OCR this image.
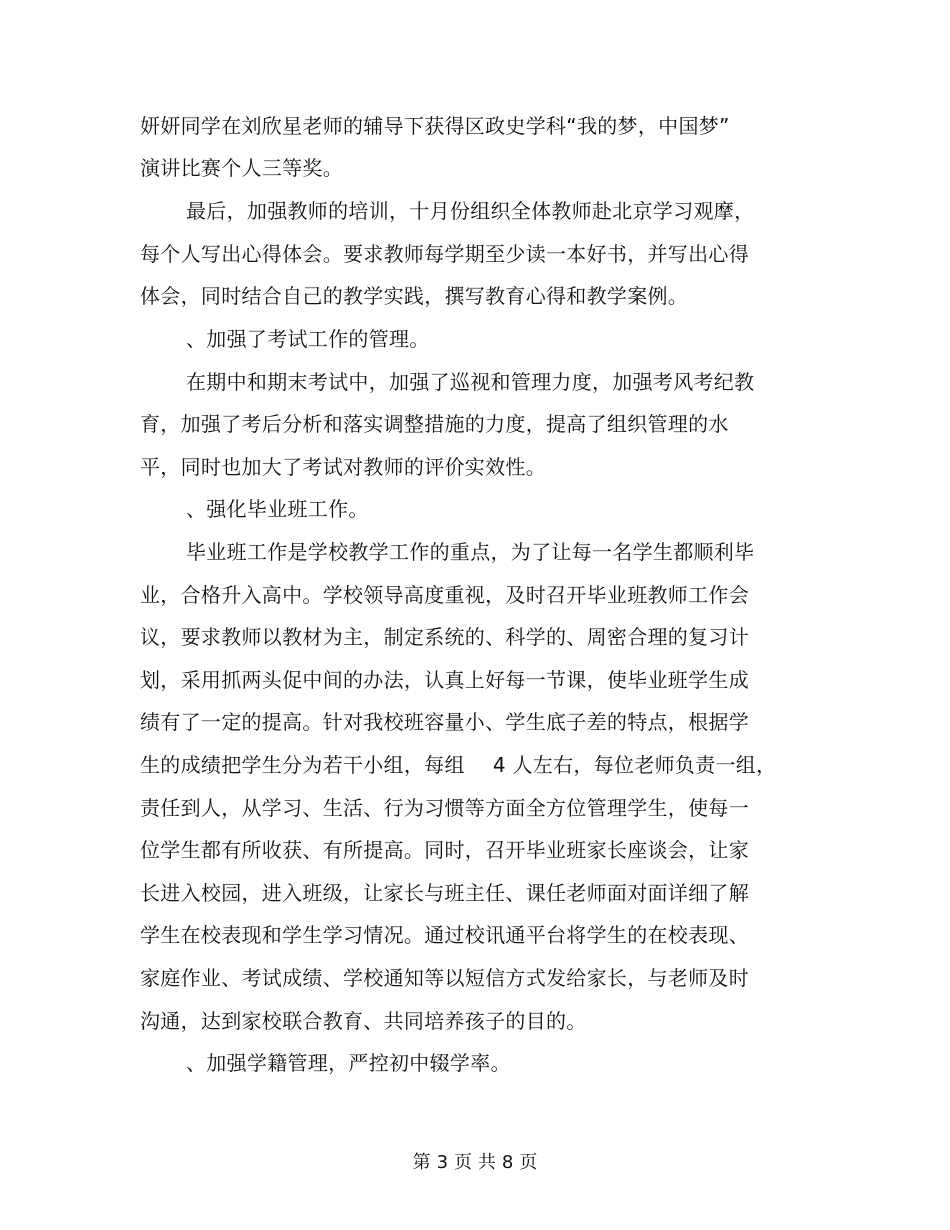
妍妍同学在刘欣星老师的辅导下获得区政史学科“我的梦，中国梦”
演讲比赛个人三等奖。
最后，加强教师的培训，十月份组织全体教师赴北京学习观摩，
每个人写出心得体会。要求教师每学期至少读一本好书，并写出心得
体会，同时结合自己的教学实践，撰写教育心得和教学案例。
、加强了考试工作的管理。
在期中和期末考试中，加强了巡视和管理力度，加强考风考纪教
育，加强了考后分析和落实调整措施的力度，提高了组织管理的水
平，同时也加大了考试对教师的评价实效性。
、强化毕业班工作。
毕业班工作是学校教学工作的重点，为了让每一名学生都顺利毕
业，合格升入高中。学校领导高度重视，及时召开毕业班教师工作会
议，要求教师以教材为主，制定系统的、科学的、周密合理的复习计
划，采用抓两头促中间的办法，认真上好每一节课，使毕业班学生成
绩有了一定的提高。针对我校班容量小、学生底子差的特点，根据学
生的成绩把学生分为若干小组，每组 4 人左右，每位老师负责一组，
责任到人，从学习、生活、行为习惯等方面全方位管理学生，使每一
位学生都有所收获、有所提高。同时，召开毕业班家长座谈会，让家
长进入校园，进入班级，让家长与班主任、课任老师面对面详细了解
学生在校表现和学生学习情况。通过校讯通平台将学生的在校表现、
家庭作业、考试成绩、学校通知等以短信方式发给家长，与老师及时
沟通，达到家校联合教育、共同培养孩子的目的。
、加强学籍管理，严控初中辍学率。
第 3 页 共 8 页
